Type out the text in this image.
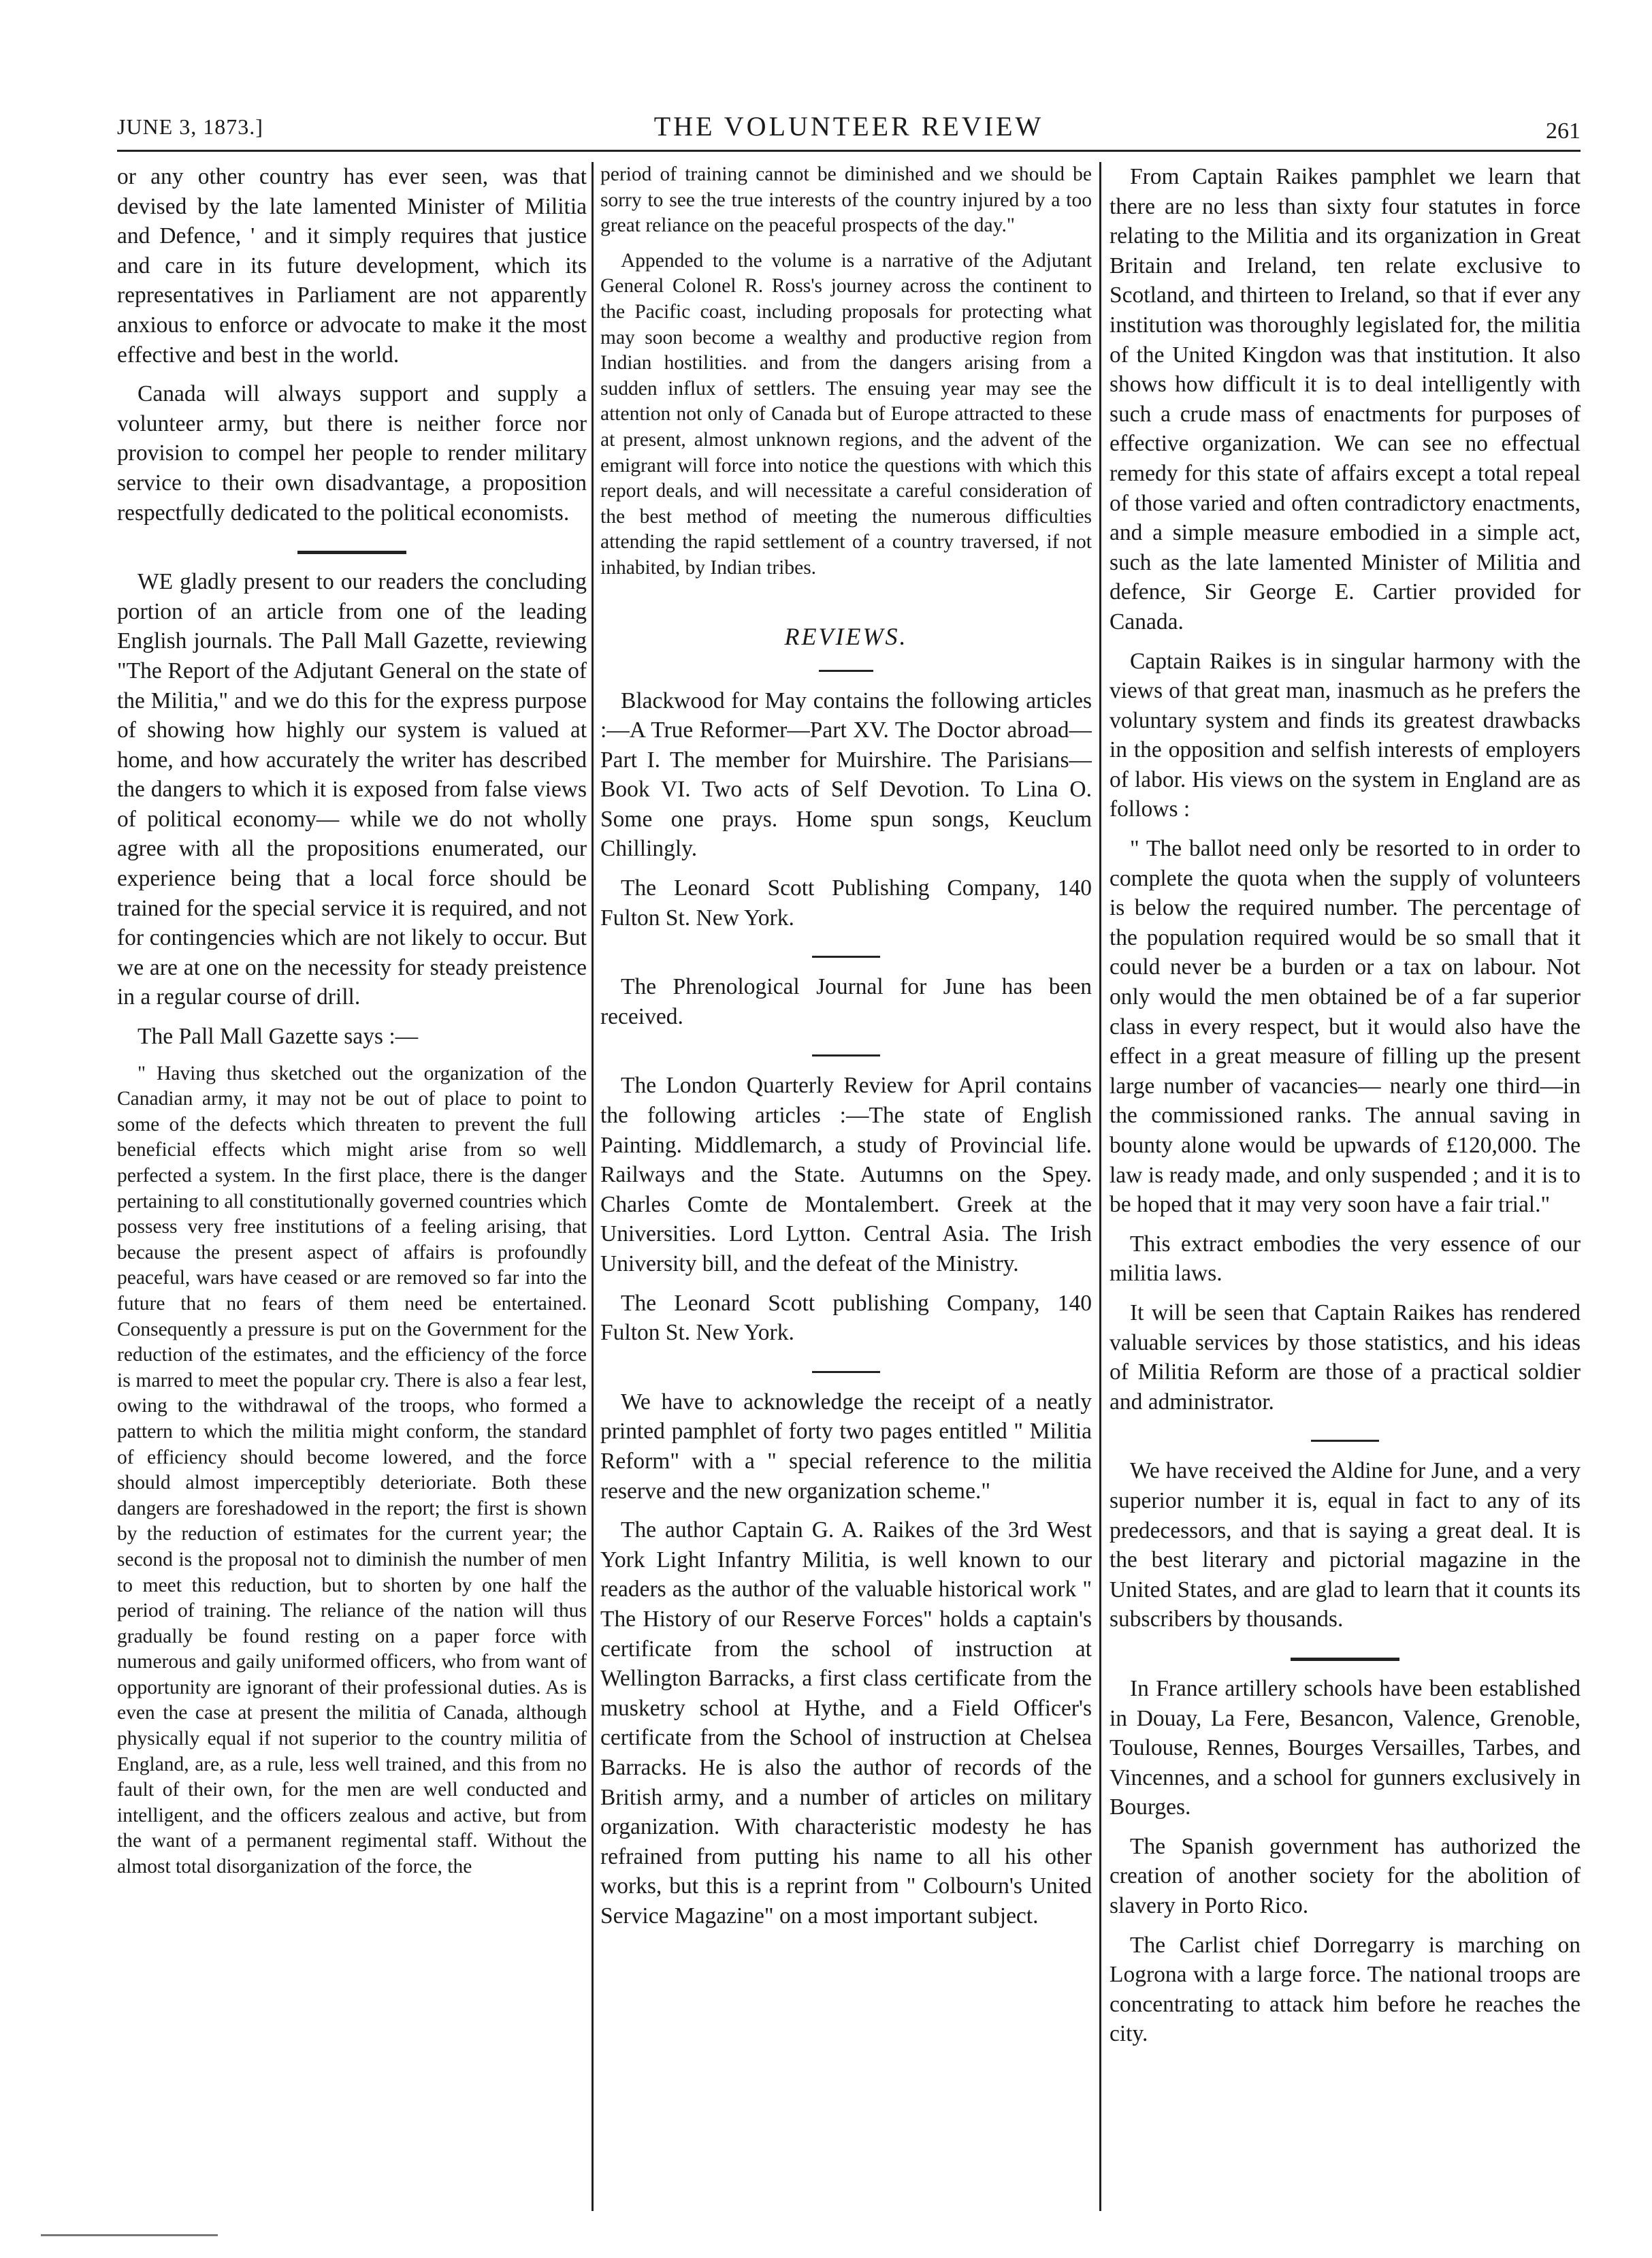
JUNE 3, 1873.]	THE VOLUNTEER REVIEW	261

or any other country has ever seen, was that devised by the late lamented Minister of Militia and Defence, ' and it simply requires that justice and care in its future development, which its representatives in Parliament are not apparently anxious to enforce or advocate to make it the most effective and best in the world.

Canada will always support and supply a volunteer army, but there is neither force nor provision to compel her people to render military service to their own disadvantage, a proposition respectfully dedicated to the political economists.

WE gladly present to our readers the concluding portion of an article from one of the leading English journals. The Pall Mall Gazette, reviewing "The Report of the Adjutant General on the state of the Militia," and we do this for the express purpose of showing how highly our system is valued at home, and how accurately the writer has described the dangers to which it is exposed from false views of political economy— while we do not wholly agree with all the propositions enumerated, our experience being that a local force should be trained for the special service it is required, and not for contingencies which are not likely to occur. But we are at one on the necessity for steady preistence in a regular course of drill.

The Pall Mall Gazette says :—

" Having thus sketched out the organization of the Canadian army, it may not be out of place to point to some of the defects which threaten to prevent the full beneficial effects which might arise from so well perfected a system. In the first place, there is the danger pertaining to all constitutionally governed countries which possess very free institutions of a feeling arising, that because the present aspect of affairs is profoundly peaceful, wars have ceased or are removed so far into the future that no fears of them need be entertained. Consequently a pressure is put on the Government for the reduction of the estimates, and the efficiency of the force is marred to meet the popular cry. There is also a fear lest, owing to the withdrawal of the troops, who formed a pattern to which the militia might conform, the standard of efficiency should become lowered, and the force should almost imperceptibly deterioriate. Both these dangers are foreshadowed in the report; the first is shown by the reduction of estimates for the current year; the second is the proposal not to diminish the number of men to meet this reduction, but to shorten by one half the period of training. The reliance of the nation will thus gradually be found resting on a paper force with numerous and gaily uniformed officers, who from want of opportunity are ignorant of their professional duties. As is even the case at present the militia of Canada, although physically equal if not superior to the country militia of England, are, as a rule, less well trained, and this from no fault of their own, for the men are well conducted and intelligent, and the officers zealous and active, but from the want of a permanent regimental staff. Without the almost total disorganization of the force, the

period of training cannot be diminished and we should be sorry to see the true interests of the country injured by a too great reliance on the peaceful prospects of the day."

Appended to the volume is a narrative of the Adjutant General Colonel R. Ross's journey across the continent to the Pacific coast, including proposals for protecting what may soon become a wealthy and productive region from Indian hostilities. and from the dangers arising from a sudden influx of settlers. The ensuing year may see the attention not only of Canada but of Europe attracted to these at present, almost unknown regions, and the advent of the emigrant will force into notice the questions with which this report deals, and will necessitate a careful consideration of the best method of meeting the numerous difficulties attending the rapid settlement of a country traversed, if not inhabited, by Indian tribes.

REVIEWS.

Blackwood for May contains the following articles :—A True Reformer—Part XV. The Doctor abroad—Part I. The member for Muirshire. The Parisians—Book VI. Two acts of Self Devotion. To Lina O. Some one prays. Home spun songs, Keuclum Chillingly.

The Leonard Scott Publishing Company, 140 Fulton St. New York.

The Phrenological Journal for June has been received.

The London Quarterly Review for April contains the following articles :—The state of English Painting. Middlemarch, a study of Provincial life. Railways and the State. Autumns on the Spey. Charles Comte de Montalembert. Greek at the Universities. Lord Lytton. Central Asia. The Irish University bill, and the defeat of the Ministry.

The Leonard Scott publishing Company, 140 Fulton St. New York.

We have to acknowledge the receipt of a neatly printed pamphlet of forty two pages entitled " Militia Reform" with a " special reference to the militia reserve and the new organization scheme."

The author Captain G. A. Raikes of the 3rd West York Light Infantry Militia, is well known to our readers as the author of the valuable historical work " The History of our Reserve Forces" holds a captain's certificate from the school of instruction at Wellington Barracks, a first class certificate from the musketry school at Hythe, and a Field Officer's certificate from the School of instruction at Chelsea Barracks. He is also the author of records of the British army, and a number of articles on military organization. With characteristic modesty he has refrained from putting his name to all his other works, but this is a reprint from " Colbourn's United Service Magazine" on a most important subject.

From Captain Raikes pamphlet we learn that there are no less than sixty four statutes in force relating to the Militia and its organization in Great Britain and Ireland, ten relate exclusive to Scotland, and thirteen to Ireland, so that if ever any institution was thoroughly legislated for, the militia of the United Kingdon was that institution. It also shows how difficult it is to deal intelligently with such a crude mass of enactments for purposes of effective organization. We can see no effectual remedy for this state of affairs except a total repeal of those varied and often contradictory enactments, and a simple measure embodied in a simple act, such as the late lamented Minister of Militia and defence, Sir George E. Cartier provided for Canada.

Captain Raikes is in singular harmony with the views of that great man, inasmuch as he prefers the voluntary system and finds its greatest drawbacks in the opposition and selfish interests of employers of labor. His views on the system in England are as follows :

" The ballot need only be resorted to in order to complete the quota when the supply of volunteers is below the required number. The percentage of the population required would be so small that it could never be a burden or a tax on labour. Not only would the men obtained be of a far superior class in every respect, but it would also have the effect in a great measure of filling up the present large number of vacancies— nearly one third—in the commissioned ranks. The annual saving in bounty alone would be upwards of £120,000. The law is ready made, and only suspended ; and it is to be hoped that it may very soon have a fair trial."

This extract embodies the very essence of our militia laws.

It will be seen that Captain Raikes has rendered valuable services by those statistics, and his ideas of Militia Reform are those of a practical soldier and administrator.

We have received the Aldine for June, and a very superior number it is, equal in fact to any of its predecessors, and that is saying a great deal. It is the best literary and pictorial magazine in the United States, and are glad to learn that it counts its subscribers by thousands.

In France artillery schools have been established in Douay, La Fere, Besancon, Valence, Grenoble, Toulouse, Rennes, Bourges Versailles, Tarbes, and Vincennes, and a school for gunners exclusively in Bourges.

The Spanish government has authorized the creation of another society for the abolition of slavery in Porto Rico.

The Carlist chief Dorregarry is marching on Logrona with a large force. The national troops are concentrating to attack him before he reaches the city.
